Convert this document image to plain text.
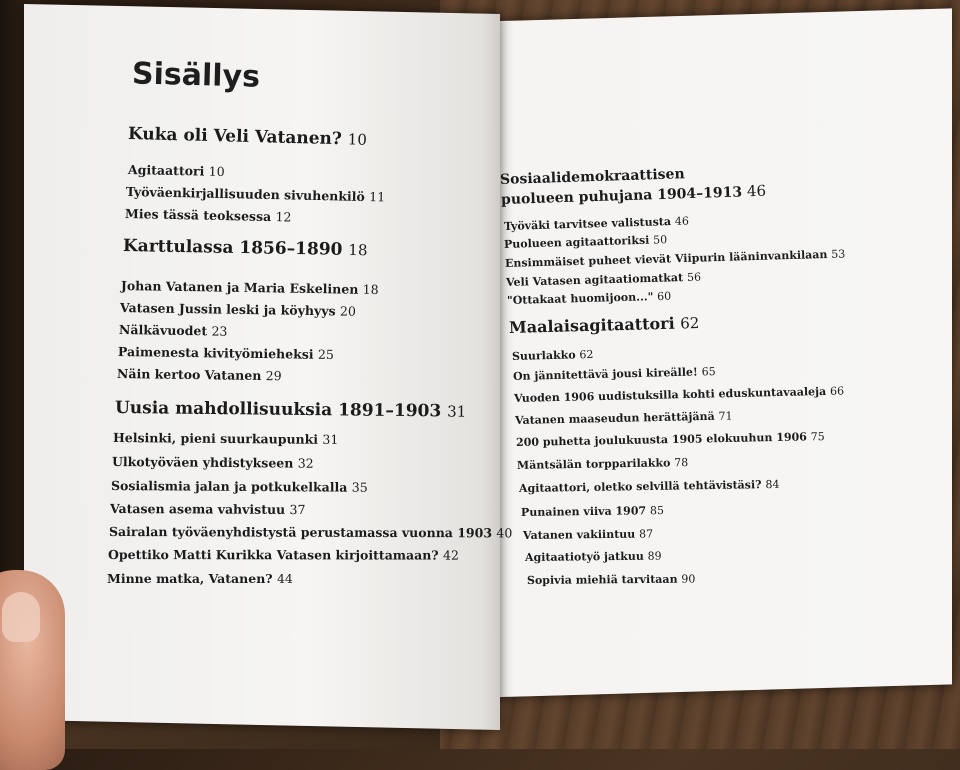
Sisällys
Kuka oli Veli Vatanen? 10
Agitaattori 10
Työväenkirjallisuuden sivuhenkilö 11
Mies tässä teoksessa 12
Karttulassa 1856–1890 18
Johan Vatanen ja Maria Eskelinen 18
Vatasen Jussin leski ja köyhyys 20
Nälkävuodet 23
Paimenesta kivityömieheksi 25
Näin kertoo Vatanen 29
Uusia mahdollisuuksia 1891–1903 31
Helsinki, pieni suurkaupunki 31
Ulkotyöväen yhdistykseen 32
Sosialismia jalan ja potkukelkalla 35
Vatasen asema vahvistuu 37
Sairalan työväenyhdistystä perustamassa vuonna 1903 40
Opettiko Matti Kurikka Vatasen kirjoittamaan? 42
Minne matka, Vatanen? 44
Sosiaalidemokraattisen
puolueen puhujana 1904–1913 46
Työväki tarvitsee valistusta 46
Puolueen agitaattoriksi 50
Ensimmäiset puheet vievät Viipurin lääninvankilaan 53
Veli Vatasen agitaatiomatkat 56
"Ottakaat huomijoon..." 60
Maalaisagitaattori 62
Suurlakko 62
On jännitettävä jousi kireälle! 65
Vuoden 1906 uudistuksilla kohti eduskuntavaaleja 66
Vatanen maaseudun herättäjänä 71
200 puhetta joulukuusta 1905 elokuuhun 1906 75
Mäntsälän torpparilakko 78
Agitaattori, oletko selvillä tehtävistäsi? 84
Punainen viiva 1907 85
Vatanen vakiintuu 87
Agitaatiotyö jatkuu 89
Sopivia miehiä tarvitaan 90
